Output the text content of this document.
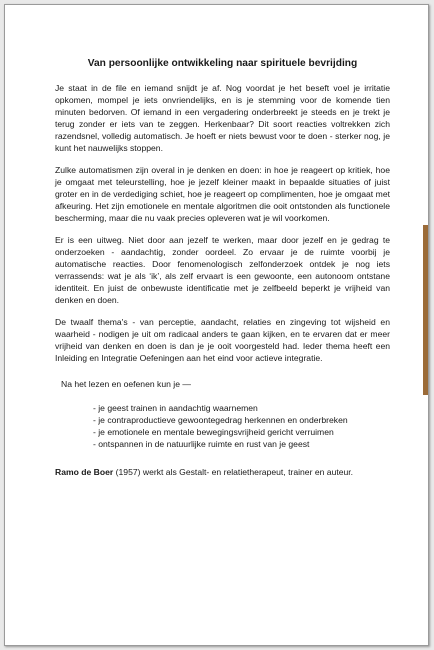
Van persoonlijke ontwikkeling naar spirituele bevrijding

Je staat in de file en iemand snijdt je af. Nog voordat je het beseft voel je irritatie opkomen, mompel je iets onvriendelijks, en is je stemming voor de komende tien minuten bedorven. Of iemand in een vergadering onderbreekt je steeds en je trekt je terug zonder er iets van te zeggen. Herkenbaar? Dit soort reacties voltrekken zich razendsnel, volledig automatisch. Je hoeft er niets bewust voor te doen - sterker nog, je kunt het nauwelijks stoppen.

Zulke automatismen zijn overal in je denken en doen: in hoe je reageert op kritiek, hoe je omgaat met teleurstelling, hoe je jezelf kleiner maakt in bepaalde situaties of juist groter en in de verdediging schiet, hoe je reageert op complimenten, hoe je omgaat met afkeuring. Het zijn emotionele en mentale algoritmen die ooit ontstonden als functionele bescherming, maar die nu vaak precies opleveren wat je wil voorkomen.

Er is een uitweg. Niet door aan jezelf te werken, maar door jezelf en je gedrag te onderzoeken - aandachtig, zonder oordeel. Zo ervaar je de ruimte voorbij je automatische reacties. Door fenomenologisch zelfonderzoek ontdek je nog iets verrassends: wat je als ‘ik’, als zelf ervaart is een gewoonte, een autonoom ontstane identiteit. En juist de onbewuste identificatie met je zelfbeeld beperkt je vrijheid van denken en doen.

De twaalf thema's - van perceptie, aandacht, relaties en zingeving tot wijsheid en waarheid - nodigen je uit om radicaal anders te gaan kijken, en te ervaren dat er meer vrijheid van denken en doen is dan je je ooit voorgesteld had. Ieder thema heeft een Inleiding en Integratie Oefeningen aan het eind voor actieve integratie.

Na het lezen en oefenen kun je —

- je geest trainen in aandachtig waarnemen
- je contraproductieve gewoontegedrag herkennen en onderbreken
- je emotionele en mentale bewegingsvrijheid gericht verruimen
- ontspannen in de natuurlijke ruimte en rust van je geest

Ramo de Boer (1957) werkt als Gestalt- en relatietherapeut, trainer en auteur.
